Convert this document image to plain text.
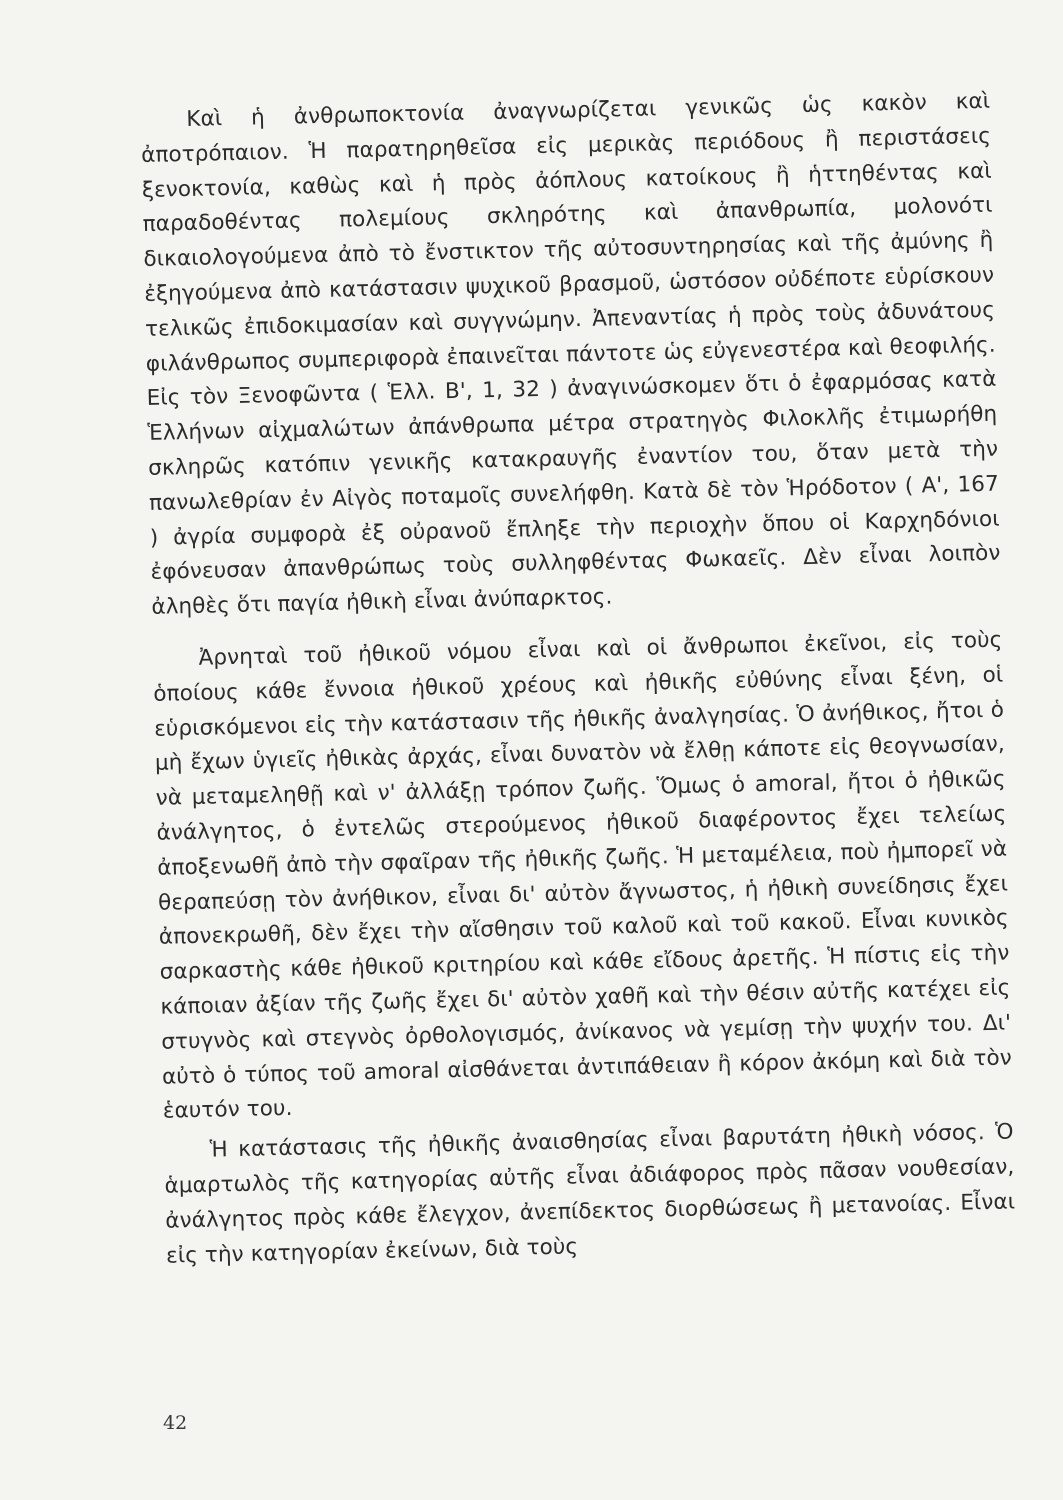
Καὶ ἡ ἀνθρωποκτονία ἀναγνωρίζεται γενικῶς ὡς κακὸν καὶ ἀποτρόπαιον. Ἡ παρατηρηθεῖσα εἰς μερικὰς περιόδους ἢ περιστάσεις ξενοκτονία, καθὼς καὶ ἡ πρὸς ἀόπλους κατοίκους ἢ ἡττηθέντας καὶ παραδοθέντας πολεμίους σκληρότης καὶ ἀπανθρωπία, μολονότι δικαιολογούμενα ἀπὸ τὸ ἔνστικτον τῆς αὐτοσυντηρησίας καὶ τῆς ἀμύνης ἢ ἐξηγούμενα ἀπὸ κατάστασιν ψυχικοῦ βρασμοῦ, ὡστόσον οὐδέποτε εὑρίσκουν τελικῶς ἐπιδοκιμασίαν καὶ συγγνώμην. Ἀπεναντίας ἡ πρὸς τοὺς ἀδυνάτους φιλάνθρωπος συμπεριφορὰ ἐπαινεῖται πάντοτε ὡς εὐγενεστέρα καὶ θεοφιλής. Εἰς τὸν Ξενοφῶντα ( Ἑλλ. Β', 1, 32 ) ἀναγινώσκομεν ὅτι ὁ ἐφαρμόσας κατὰ Ἑλλήνων αἰχμαλώτων ἀπάνθρωπα μέτρα στρατηγὸς Φιλοκλῆς ἐτιμωρήθη σκληρῶς κατόπιν γενικῆς κατακραυγῆς ἐναντίον του, ὅταν μετὰ τὴν πανωλεθρίαν ἐν Αἰγὸς ποταμοῖς συνελήφθη. Κατὰ δὲ τὸν Ἡρόδοτον ( Α', 167 ) ἀγρία συμφορὰ ἐξ οὐρανοῦ ἔπληξε τὴν περιοχὴν ὅπου οἱ Καρχηδόνιοι ἐφόνευσαν ἀπανθρώπως τοὺς συλληφθέντας Φωκαεῖς. Δὲν εἶναι λοιπὸν ἀληθὲς ὅτι παγία ἠθικὴ εἶναι ἀνύπαρκτος.

Ἀρνηταὶ τοῦ ἠθικοῦ νόμου εἶναι καὶ οἱ ἄνθρωποι ἐκεῖνοι, εἰς τοὺς ὁποίους κάθε ἔννοια ἠθικοῦ χρέους καὶ ἠθικῆς εὐθύνης εἶναι ξένη, οἱ εὑρισκόμενοι εἰς τὴν κατάστασιν τῆς ἠθικῆς ἀναλγησίας. Ὁ ἀνήθικος, ἤτοι ὁ μὴ ἔχων ὑγιεῖς ἠθικὰς ἀρχάς, εἶναι δυνατὸν νὰ ἔλθῃ κάποτε εἰς θεογνωσίαν, νὰ μεταμεληθῇ καὶ ν' ἀλλάξῃ τρόπον ζωῆς. Ὅμως ὁ amoral, ἤτοι ὁ ἠθικῶς ἀνάλγητος, ὁ ἐντελῶς στερούμενος ἠθικοῦ διαφέροντος ἔχει τελείως ἀποξενωθῆ ἀπὸ τὴν σφαῖραν τῆς ἠθικῆς ζωῆς. Ἡ μεταμέλεια, ποὺ ἠμπορεῖ νὰ θεραπεύσῃ τὸν ἀνήθικον, εἶναι δι' αὐτὸν ἄγνωστος, ἡ ἠθικὴ συνείδησις ἔχει ἀπονεκρωθῆ, δὲν ἔχει τὴν αἴσθησιν τοῦ καλοῦ καὶ τοῦ κακοῦ. Εἶναι κυνικὸς σαρκαστὴς κάθε ἠθικοῦ κριτηρίου καὶ κάθε εἴδους ἀρετῆς. Ἡ πίστις εἰς τὴν κάποιαν ἀξίαν τῆς ζωῆς ἔχει δι' αὐτὸν χαθῆ καὶ τὴν θέσιν αὐτῆς κατέχει εἰς στυγνὸς καὶ στεγνὸς ὀρθολογισμός, ἀνίκανος νὰ γεμίσῃ τὴν ψυχήν του. Δι' αὐτὸ ὁ τύπος τοῦ amoral αἰσθάνεται ἀντιπάθειαν ἢ κόρον ἀκόμη καὶ διὰ τὸν ἑαυτόν του.

Ἡ κατάστασις τῆς ἠθικῆς ἀναισθησίας εἶναι βαρυτάτη ἠθικὴ νόσος. Ὁ ἁμαρτωλὸς τῆς κατηγορίας αὐτῆς εἶναι ἀδιάφορος πρὸς πᾶσαν νουθεσίαν, ἀνάλγητος πρὸς κάθε ἔλεγχον, ἀνεπίδεκτος διορθώσεως ἢ μετανοίας. Εἶναι εἰς τὴν κατηγορίαν ἐκείνων, διὰ τοὺς

42
